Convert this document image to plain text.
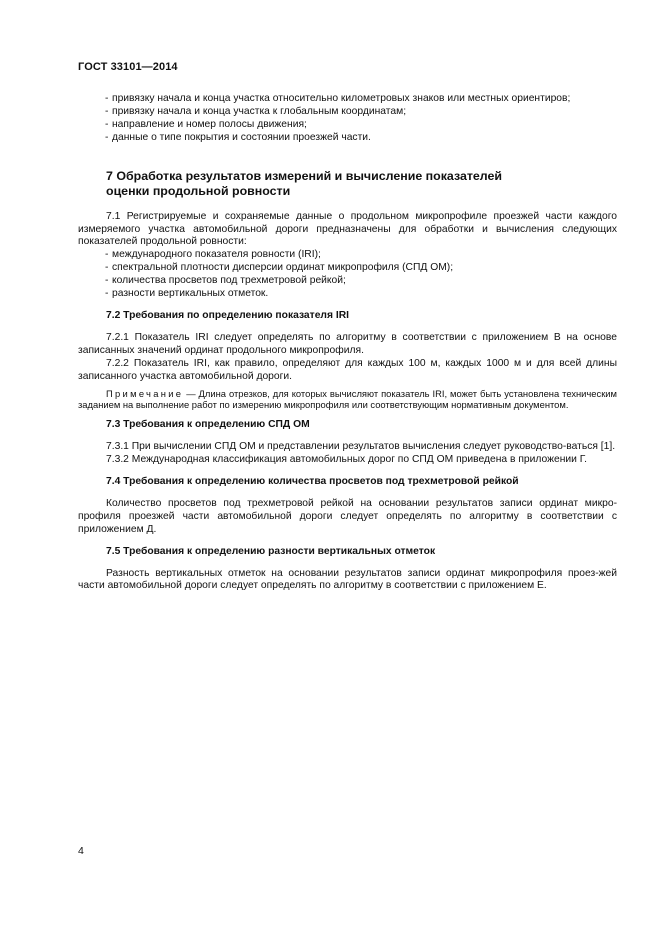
ГОСТ 33101—2014
- привязку начала и конца участка относительно километровых знаков или местных ориентиров;
- привязку начала и конца участка к глобальным координатам;
- направление и номер полосы движения;
- данные о типе покрытия и состоянии проезжей части.
7 Обработка результатов измерений и вычисление показателей
оценки продольной ровности
7.1 Регистрируемые и сохраняемые данные о продольном микропрофиле проезжей части каждого измеряемого участка автомобильной дороги предназначены для обработки и вычисления следующих показателей продольной ровности:
- международного показателя ровности (IRI);
- спектральной плотности дисперсии ординат микропрофиля (СПД ОМ);
- количества просветов под трехметровой рейкой;
- разности вертикальных отметок.
7.2 Требования по определению показателя IRI
7.2.1 Показатель IRI следует определять по алгоритму в соответствии с приложением В на основе записанных значений ординат продольного микропрофиля.
7.2.2 Показатель IRI, как правило, определяют для каждых 100 м, каждых 1000 м и для всей длины записанного участка автомобильной дороги.
Примечание — Длина отрезков, для которых вычисляют показатель IRI, может быть установлена техническим заданием на выполнение работ по измерению микропрофиля или соответствующим нормативным документом.
7.3 Требования к определению СПД ОМ
7.3.1 При вычислении СПД ОМ и представлении результатов вычисления следует руководство-ваться [1].
7.3.2 Международная классификация автомобильных дорог по СПД ОМ приведена в приложении Г.
7.4 Требования к определению количества просветов под трехметровой рейкой
Количество просветов под трехметровой рейкой на основании результатов записи ординат микро-профиля проезжей части автомобильной дороги следует определять по алгоритму в соответствии с приложением Д.
7.5 Требования к определению разности вертикальных отметок
Разность вертикальных отметок на основании результатов записи ординат микропрофиля проез-жей части автомобильной дороги следует определять по алгоритму в соответствии с приложением Е.
4
